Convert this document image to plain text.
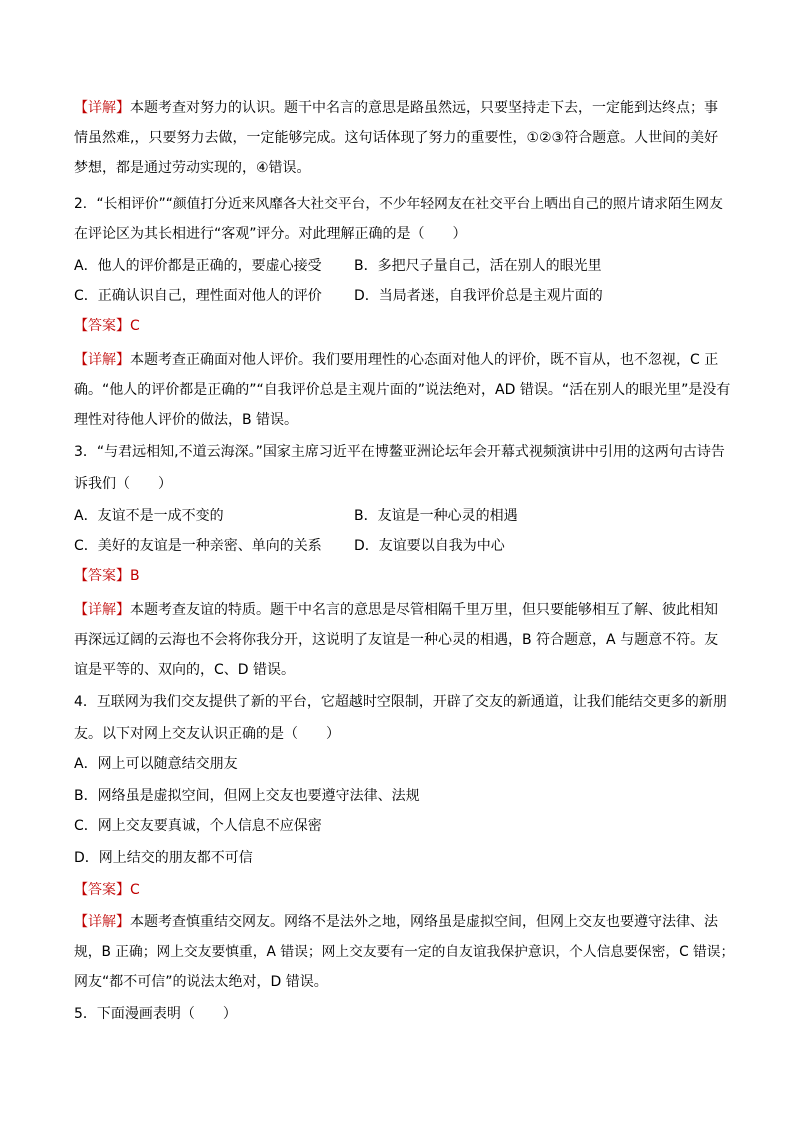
【详解】本题考查对努力的认识。题干中名言的意思是路虽然远，只要坚持走下去，一定能到达终点；事
情虽然难,，只要努力去做，一定能够完成。这句话体现了努力的重要性，①②③符合题意。人世间的美好
梦想，都是通过劳动实现的，④错误。
2．“长相评价”“颜值打分近来风靡各大社交平台，不少年轻网友在社交平台上晒出自己的照片请求陌生网友
在评论区为其长相进行“客观”评分。对此理解正确的是（　　）
A．他人的评价都是正确的，要虚心接受	B．多把尺子量自己，活在别人的眼光里
C．正确认识自己，理性面对他人的评价	D．当局者迷，自我评价总是主观片面的
【答案】C
【详解】本题考查正确面对他人评价。我们要用理性的心态面对他人的评价，既不盲从，也不忽视，C 正
确。“他人的评价都是正确的”“自我评价总是主观片面的”说法绝对，AD 错误。“活在别人的眼光里”是没有
理性对待他人评价的做法，B 错误。
3．“与君远相知,不道云海深。”国家主席习近平在博鳌亚洲论坛年会开幕式视频演讲中引用的这两句古诗告
诉我们（　　）
A．友谊不是一成不变的	B．友谊是一种心灵的相遇
C．美好的友谊是一种亲密、单向的关系	D．友谊要以自我为中心
【答案】B
【详解】本题考查友谊的特质。题干中名言的意思是尽管相隔千里万里，但只要能够相互了解、彼此相知
再深远辽阔的云海也不会将你我分开，这说明了友谊是一种心灵的相遇，B 符合题意，A 与题意不符。友
谊是平等的、双向的，C、D 错误。
4．互联网为我们交友提供了新的平台，它超越时空限制，开辟了交友的新通道，让我们能结交更多的新朋
友。以下对网上交友认识正确的是（　　）
A．网上可以随意结交朋友
B．网络虽是虚拟空间，但网上交友也要遵守法律、法规
C．网上交友要真诚，个人信息不应保密
D．网上结交的朋友都不可信
【答案】C
【详解】本题考查慎重结交网友。网络不是法外之地，网络虽是虚拟空间，但网上交友也要遵守法律、法
规，B 正确；网上交友要慎重，A 错误；网上交友要有一定的自友谊我保护意识，个人信息要保密，C 错误；
网友“都不可信”的说法太绝对，D 错误。
5．下面漫画表明（　　）
